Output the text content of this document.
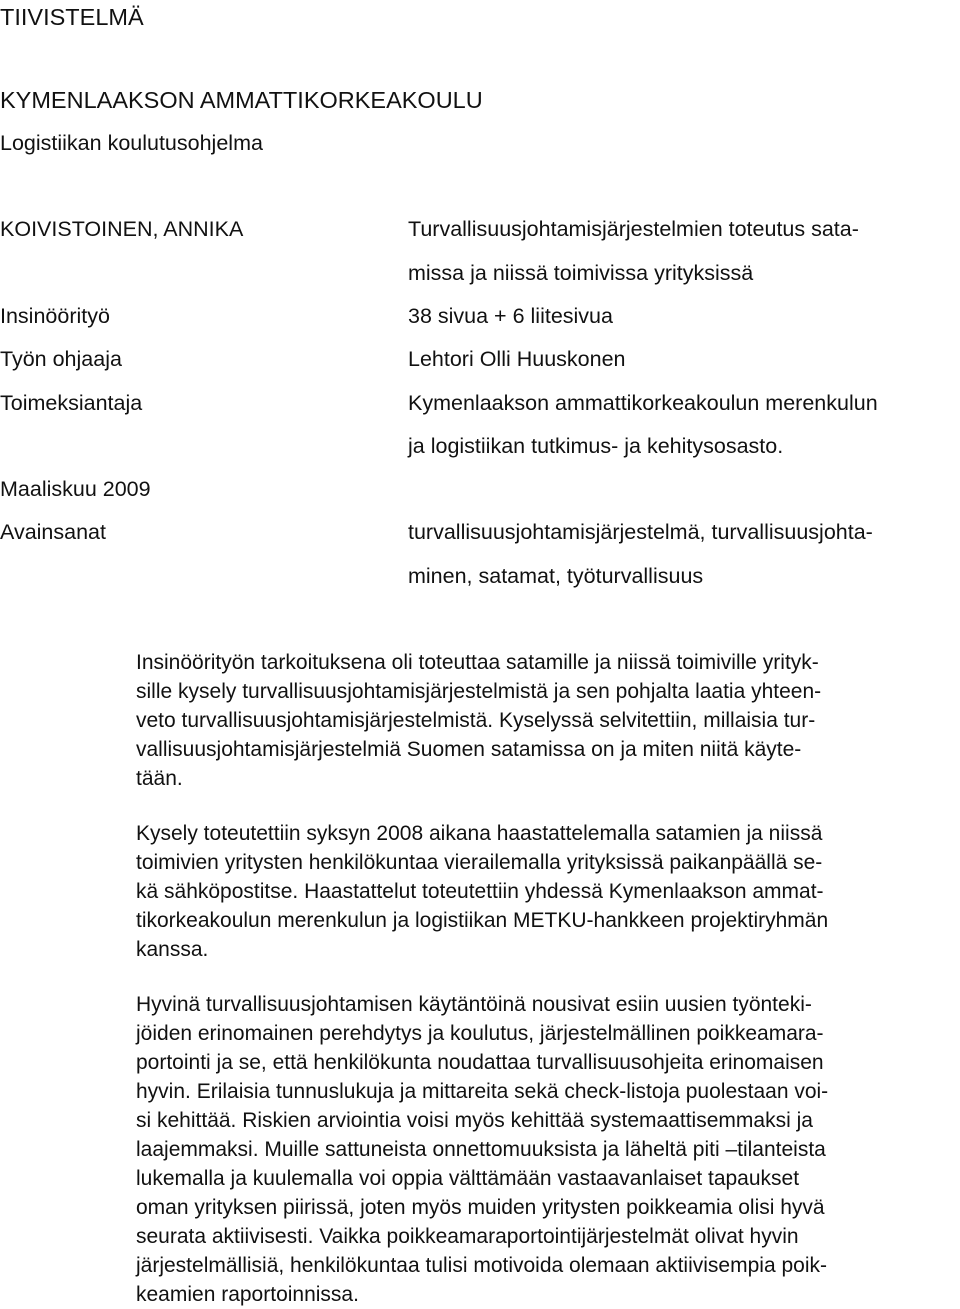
TIIVISTELMÄ
KYMENLAAKSON AMMATTIKORKEAKOULU
Logistiikan koulutusohjelma
KOIVISTOINEN, ANNIKA
Insinöörityö
Työn ohjaaja
Toimeksiantaja
Maaliskuu 2009
Avainsanat
Turvallisuusjohtamisjärjestelmien toteutus sata-
missa ja niissä toimivissa yrityksissä
38 sivua + 6 liitesivua
Lehtori Olli Huuskonen
Kymenlaakson ammattikorkeakoulun merenkulun
ja logistiikan tutkimus- ja kehitysosasto.
turvallisuusjohtamisjärjestelmä, turvallisuusjohta-
minen, satamat, työturvallisuus
Insinöörityön tarkoituksena oli toteuttaa satamille ja niissä toimiville yrityk-
sille kysely turvallisuusjohtamisjärjestelmistä ja sen pohjalta laatia yhteen-
veto turvallisuusjohtamisjärjestelmistä. Kyselyssä selvitettiin, millaisia tur-
vallisuusjohtamisjärjestelmiä Suomen satamissa on ja miten niitä käyte-
tään.
Kysely toteutettiin syksyn 2008 aikana haastattelemalla satamien ja niissä
toimivien yritysten henkilökuntaa vierailemalla yrityksissä paikanpäällä se-
kä sähköpostitse. Haastattelut toteutettiin yhdessä Kymenlaakson ammat-
tikorkeakoulun merenkulun ja logistiikan METKU-hankkeen projektiryhmän
kanssa.
Hyvinä turvallisuusjohtamisen käytäntöinä nousivat esiin uusien työnteki-
jöiden erinomainen perehdytys ja koulutus, järjestelmällinen poikkeamara-
portointi ja se, että henkilökunta noudattaa turvallisuusohjeita erinomaisen
hyvin. Erilaisia tunnuslukuja ja mittareita sekä check-listoja puolestaan voi-
si kehittää. Riskien arviointia voisi myös kehittää systemaattisemmaksi ja
laajemmaksi. Muille sattuneista onnettomuuksista ja läheltä piti –tilanteista
lukemalla ja kuulemalla voi oppia välttämään vastaavanlaiset tapaukset
oman yrityksen piirissä, joten myös muiden yritysten poikkeamia olisi hyvä
seurata aktiivisesti. Vaikka poikkeamaraportointijärjestelmät olivat hyvin
järjestelmällisiä, henkilökuntaa tulisi motivoida olemaan aktiivisempia poik-
keamien raportoinnissa.
